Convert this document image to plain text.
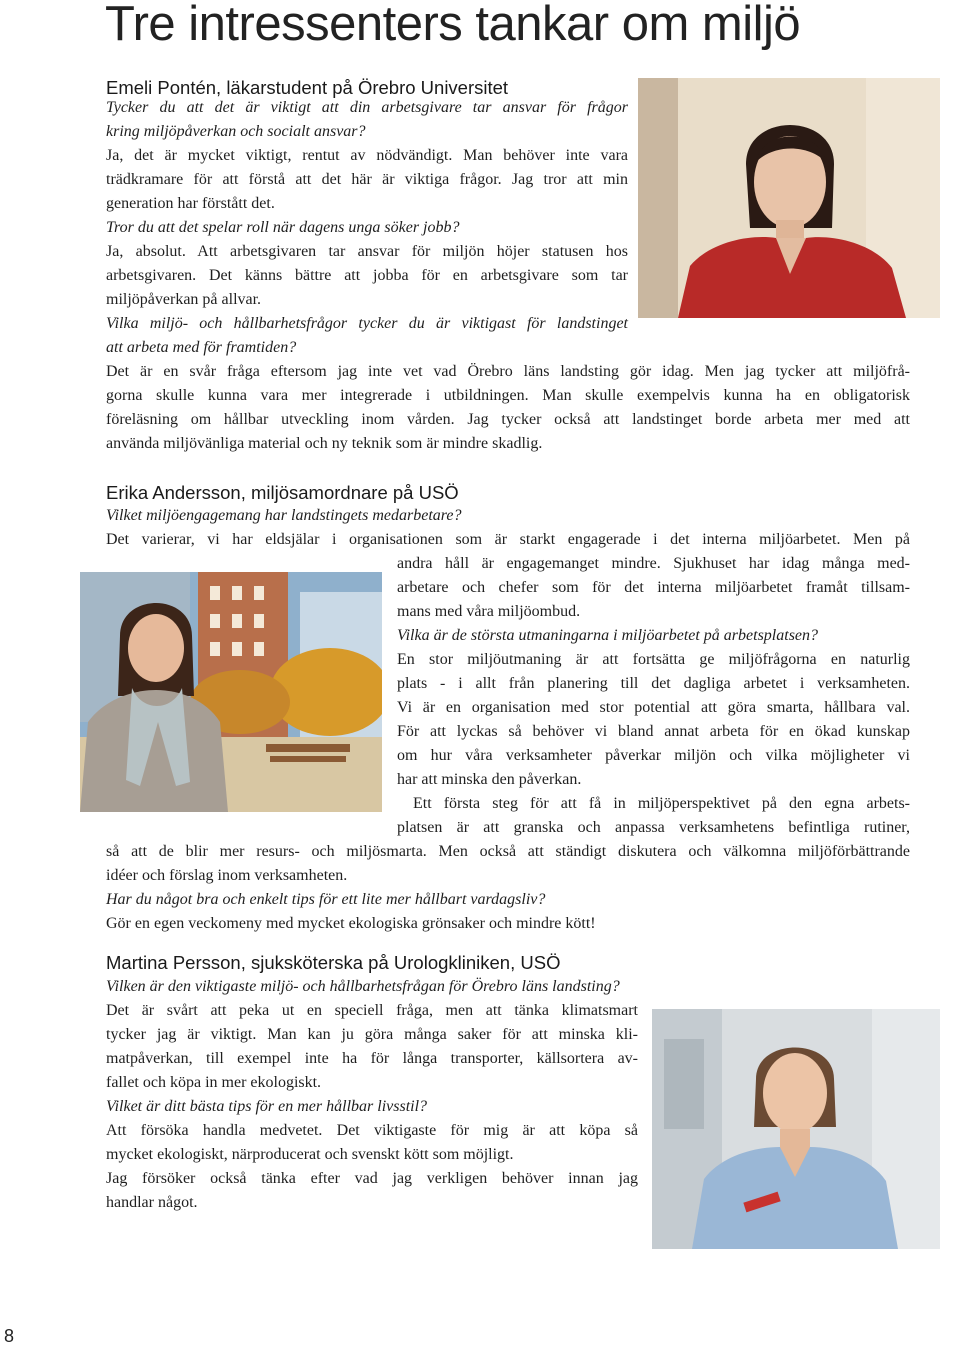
Tre intressenters tankar om miljö
Emeli Pontén, läkarstudent på Örebro Universitet
Tycker du att det är viktigt att din arbetsgivare tar ansvar för frågor
kring miljöpåverkan och socialt ansvar?
Ja, det är mycket viktigt, rentut av nödvändigt. Man behöver inte vara
trädkramare för att förstå att det här är viktiga frågor. Jag tror att min
generation har förstått det.
Tror du att det spelar roll när dagens unga söker jobb?
Ja, absolut. Att arbetsgivaren tar ansvar för miljön höjer statusen hos
arbetsgivaren. Det känns bättre att jobba för en arbetsgivare som tar
miljöpåverkan på allvar.
Vilka miljö- och hållbarhetsfrågor tycker du är viktigast för landstinget
att arbeta med för framtiden?
Det är en svår fråga eftersom jag inte vet vad Örebro läns landsting gör idag. Men jag tycker att miljöfrå-
gorna skulle kunna vara mer integrerade i utbildningen. Man skulle exempelvis kunna ha en obligatorisk
föreläsning om hållbar utveckling inom vården. Jag tycker också att landstinget borde arbeta mer med att
använda miljövänliga material och ny teknik som är mindre skadlig.
Erika Andersson, miljösamordnare på USÖ
Vilket miljöengagemang har landstingets medarbetare?
Det varierar, vi har eldsjälar i organisationen som är starkt engagerade i det interna miljöarbetet. Men på
andra håll är engagemanget mindre. Sjukhuset har idag många med-
arbetare och chefer som för det interna miljöarbetet framåt tillsam-
mans med våra miljöombud.
Vilka är de största utmaningarna i miljöarbetet på arbetsplatsen?
En stor miljöutmaning är att fortsätta ge miljöfrågorna en naturlig
plats - i allt från planering till det dagliga arbetet i verksamheten.
Vi är en organisation med stor potential att göra smarta, hållbara val.
För att lyckas så behöver vi bland annat arbeta för en ökad kunskap
om hur våra verksamheter påverkar miljön och vilka möjligheter vi
har att minska den påverkan.
Ett första steg för att få in miljöperspektivet på den egna arbets-
platsen är att granska och anpassa verksamhetens befintliga rutiner,
så att de blir mer resurs- och miljösmarta. Men också att ständigt diskutera och välkomna miljöförbättrande
idéer och förslag inom verksamheten.
Har du något bra och enkelt tips för ett lite mer hållbart vardagsliv?
Gör en egen veckomeny med mycket ekologiska grönsaker och mindre kött!
Martina Persson, sjuksköterska på Urologkliniken, USÖ
Vilken är den viktigaste miljö- och hållbarhetsfrågan för Örebro läns landsting?
Det är svårt att peka ut en speciell fråga, men att tänka klimatsmart
tycker jag är viktigt. Man kan ju göra många saker för att minska kli-
matpåverkan, till exempel inte ha för långa transporter, källsortera av-
fallet och köpa in mer ekologiskt.
Vilket är ditt bästa tips för en mer hållbar livsstil?
Att försöka handla medvetet. Det viktigaste för mig är att köpa så
mycket ekologiskt, närproducerat och svenskt kött som möjligt.
Jag försöker också tänka efter vad jag verkligen behöver innan jag
handlar något.
8
